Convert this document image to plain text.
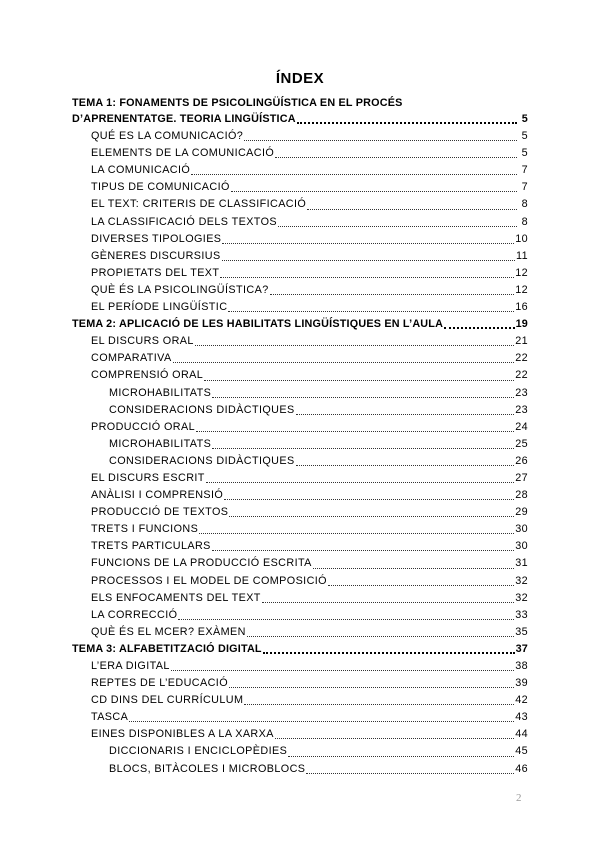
ÍNDEX
TEMA 1: FONAMENTS DE PSICOLINGÜÍSTICA EN EL PROCÉS
D’APRENENTATGE. TEORIA LINGÜÍSTICA	5
QUÉ ES LA COMUNICACIÓ?	5
ELEMENTS DE LA COMUNICACIÓ	5
LA COMUNICACIÓ	7
TIPUS DE COMUNICACIÓ	7
EL TEXT: CRITERIS DE CLASSIFICACIÓ	8
LA CLASSIFICACIÓ DELS TEXTOS	8
DIVERSES TIPOLOGIES	10
GÈNERES DISCURSIUS	11
PROPIETATS DEL TEXT	12
QUÈ ÉS LA PSICOLINGÜÍSTICA?	12
EL PERÍODE LINGÜÍSTIC	16
TEMA 2: APLICACIÓ DE LES HABILITATS LINGÜÍSTIQUES EN L’AULA	19
EL DISCURS ORAL	21
COMPARATIVA	22
COMPRENSIÓ ORAL	22
MICROHABILITATS	23
CONSIDERACIONS DIDÀCTIQUES	23
PRODUCCIÓ ORAL	24
MICROHABILITATS	25
CONSIDERACIONS DIDÀCTIQUES	26
EL DISCURS ESCRIT	27
ANÀLISI I COMPRENSIÓ	28
PRODUCCIÓ DE TEXTOS	29
TRETS I FUNCIONS	30
TRETS PARTICULARS	30
FUNCIONS DE LA PRODUCCIÓ ESCRITA	31
PROCESSOS I EL MODEL DE COMPOSICIÓ	32
ELS ENFOCAMENTS DEL TEXT	32
LA CORRECCIÓ	33
QUÈ ÉS EL MCER? EXÀMEN	35
TEMA 3: ALFABETITZACIÓ DIGITAL	37
L’ERA DIGITAL	38
REPTES DE L’EDUCACIÓ	39
CD DINS DEL CURRÍCULUM	42
TASCA	43
EINES DISPONIBLES A LA XARXA	44
DICCIONARIS I ENCICLOPÈDIES	45
BLOCS, BITÀCOLES I MICROBLOCS	46
2
